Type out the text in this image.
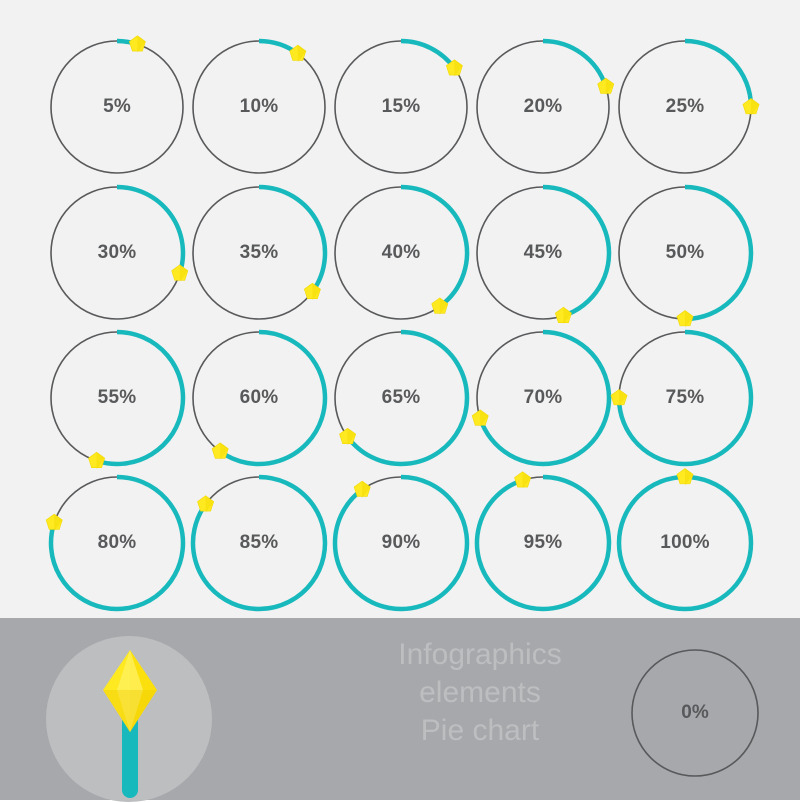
5%	10%	15%	20%	25%
30%	35%	40%	45%	50%
55%	60%	65%	70%	75%
80%	85%	90%	95%	100%
Infographics
elements
Pie chart
0%
